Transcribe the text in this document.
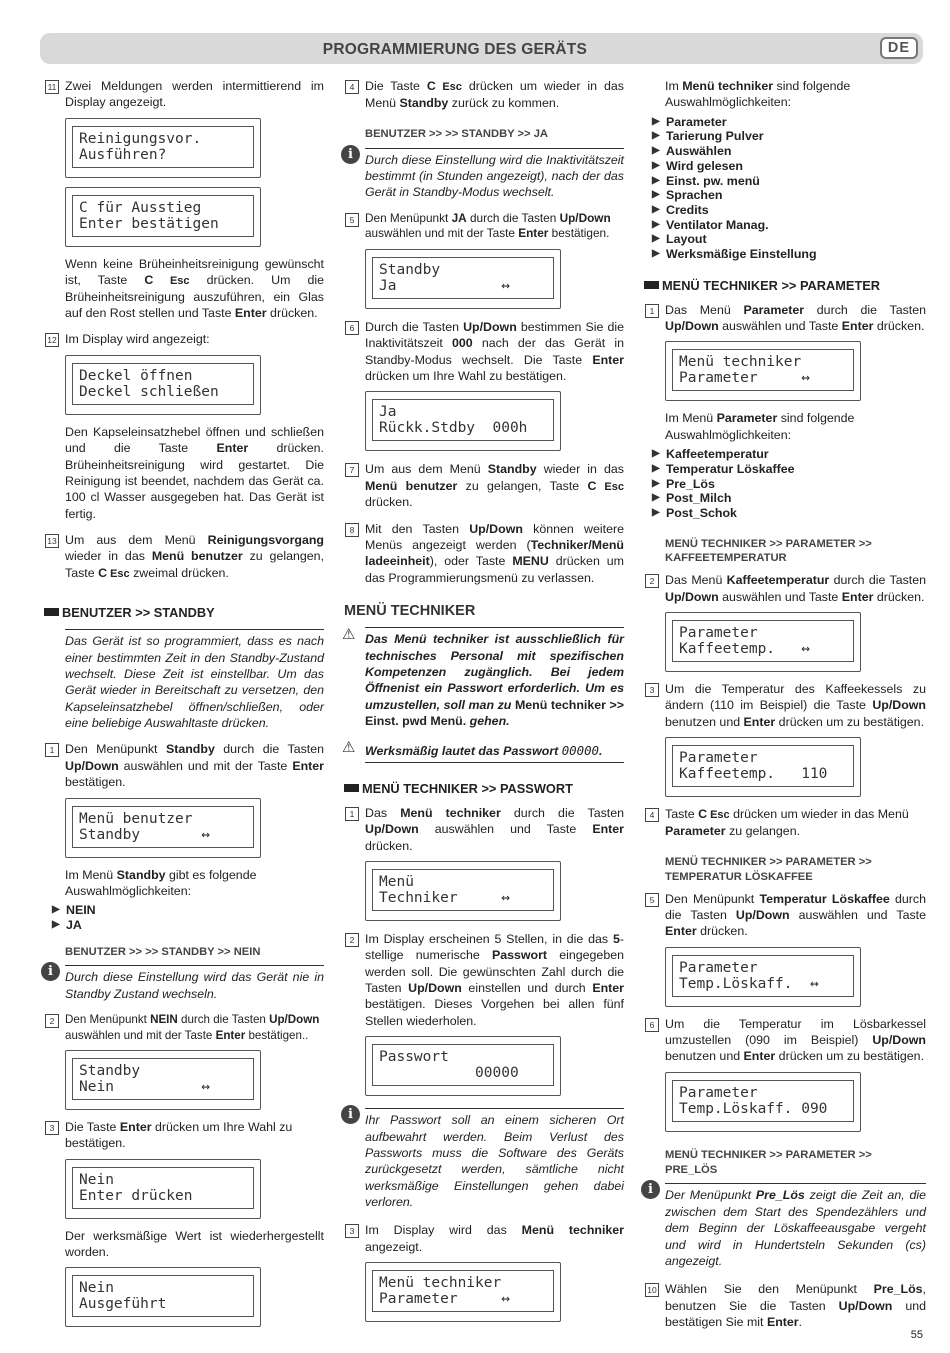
PROGRAMMIERUNG DES GERÄTS	DE
11 Zwei Meldungen werden intermittierend im Display angezeigt.
Reinigungsvor.
Ausführen?
C für Ausstieg
Enter bestätigen

Wenn keine Brüheinheitsreinigung gewünscht ist, Taste C Esc drücken. Um die Brüheinheitsreinigung auszuführen, ein Glas auf den Rost stellen und Taste Enter drücken.

12 Im Display wird angezeigt:
Deckel öffnen
Deckel schließen

Den Kapseleinsatzhebel öffnen und schließen und die Taste Enter drücken. Brüheinheitsreinigung wird gestartet. Die Reinigung ist beendet, nachdem das Gerät ca. 100 cl Wasser ausgegeben hat. Das Gerät ist fertig.

13 Um aus dem Menü Reinigungsvorgang wieder in das Menü benutzer zu gelangen, Taste C Esc zweimal drücken.
BENUTZER >> STANDBY
Das Gerät ist so programmiert, dass es nach einer bestimmten Zeit in den Standby-Zustand wechselt. Diese Zeit ist einstellbar. Um das Gerät wieder in Bereitschaft zu versetzen, den Kapseleinsatzhebel öffnen/schließen, oder eine beliebige Auswahltaste drücken.
1 Den Menüpunkt Standby durch die Tasten Up/Down auswählen und mit der Taste Enter bestätigen.
Menü benutzer
Standby       ↔

Im Menü Standby gibt es folgende Auswahlmöglichkeiten:

▶ NEIN
▶ JA
BENUTZER >> >> STANDBY >> NEIN
i Durch diese Einstellung wird das Gerät nie in Standby Zustand wechseln.
2 Den Menüpunkt NEIN durch die Tasten Up/Down auswählen und mit der Taste Enter bestätigen..
Standby
Nein          ↔
3 Die Taste Enter drücken um Ihre Wahl zu bestätigen.
Nein
Enter drücken

Der werksmäßige Wert ist wiederhergestellt worden.

Nein
Ausgeführt
4 Die Taste C Esc drücken um wieder in das Menü Standby zurück zu kommen.
BENUTZER >> >> STANDBY >> JA
i Durch diese Einstellung wird die Inaktivitätszeit bestimmt (in Stunden angezeigt), nach der das Gerät in Standby-Modus wechselt.
5 Den Menüpunkt JA durch die Tasten Up/Down auswählen und mit der Taste Enter bestätigen.
Standby
Ja            ↔
6 Durch die Tasten Up/Down bestimmen Sie die Inaktivitätszeit 000 nach der das Gerät in Standby-Modus wechselt. Die Taste Enter drücken um Ihre Wahl zu bestätigen.
Ja
Rückk.Stdby  000h
7 Um aus dem Menü Standby wieder in das Menü benutzer zu gelangen, Taste C Esc drücken.
8 Mit den Tasten Up/Down können weitere Menüs angezeigt werden (Techniker/Menü ladeeinheit), oder Taste MENU drücken um das Programmierungsmenü zu verlassen.
MENÜ TECHNIKER
⚠ Das Menü techniker ist ausschließlich für technisches Personal mit spezifischen Kompetenzen zugänglich. Bei jedem Öffnenist ein Passwort erforderlich. Um es umzustellen, soll man zu Menü techniker >> Einst. pwd Menü. gehen.
⚠ Werksmäßig lautet das Passwort 00000.
MENÜ TECHNIKER >> PASSWORT
1 Das Menü techniker durch die Tasten Up/Down auswählen und Taste Enter drücken.
Menü
Techniker     ↔
2 Im Display erscheinen 5 Stellen, in die das 5-stellige numerische Passwort eingegeben werden soll. Die gewünschten Zahl durch die Tasten Up/Down einstellen und durch Enter bestätigen. Dieses Vorgehen bei allen fünf Stellen wiederholen.
Passwort
00000
i Ihr Passwort soll an einem sicheren Ort aufbewahrt werden. Beim Verlust des Passworts muss die Software des Geräts zurückgesetzt werden, sämtliche nicht werksmäßige Einstellungen gehen dabei verloren.
3 Im Display wird das Menü techniker angezeigt.
Menü techniker
Parameter     ↔

Im Menü techniker sind folgende Auswahlmöglichkeiten:

▶ Parameter
▶ Tarierung Pulver
▶ Auswählen
▶ Wird gelesen
▶ Einst. pw. menü
▶ Sprachen
▶ Credits
▶ Ventilator Manag.
▶ Layout
▶ Werksmäßige Einstellung
MENÜ TECHNIKER >> PARAMETER
1 Das Menü Parameter durch die Tasten Up/Down auswählen und Taste Enter drücken.
Menü techniker
Parameter     ↔

Im Menü Parameter sind folgende Auswahlmöglichkeiten:

▶ Kaffeetemperatur
▶ Temperatur Löskaffee
▶ Pre_Lös
▶ Post_Milch
▶ Post_Schok
MENÜ TECHNIKER >> PARAMETER >> KAFFEETEMPERATUR
2 Das Menü Kaffeetemperatur durch die Tasten Up/Down auswählen und Taste Enter drücken.
Parameter
Kaffeetemp.   ↔
3 Um die Temperatur des Kaffeekessels zu ändern (110 im Beispiel) die Taste Up/Down benutzen und Enter drücken um zu bestätigen.
Parameter
Kaffeetemp.   110
4 Taste C Esc drücken um wieder in das Menü Parameter zu gelangen.
MENÜ TECHNIKER >> PARAMETER >> TEMPERATUR LÖSKAFFEE
5 Den Menüpunkt Temperatur Löskaffee durch die Tasten Up/Down auswählen und Taste Enter drücken.
Parameter
Temp.Löskaff.  ↔
6 Um die Temperatur im Lösbarkessel umzustellen (090 im Beispiel) Up/Down benutzen und Enter drücken um zu bestätigen.
Parameter
Temp.Löskaff. 090
MENÜ TECHNIKER >> PARAMETER >> PRE_LÖS
i Der Menüpunkt Pre_Lös zeigt die Zeit an, die zwischen dem Start des Spendezählers und dem Beginn der Löskaffeeausgabe vergeht und wird in Hundertsteln Sekunden (cs) angezeigt.
10 Wählen Sie den Menüpunkt Pre_Lös, benutzen Sie die Tasten Up/Down und bestätigen Sie mit Enter.
55
